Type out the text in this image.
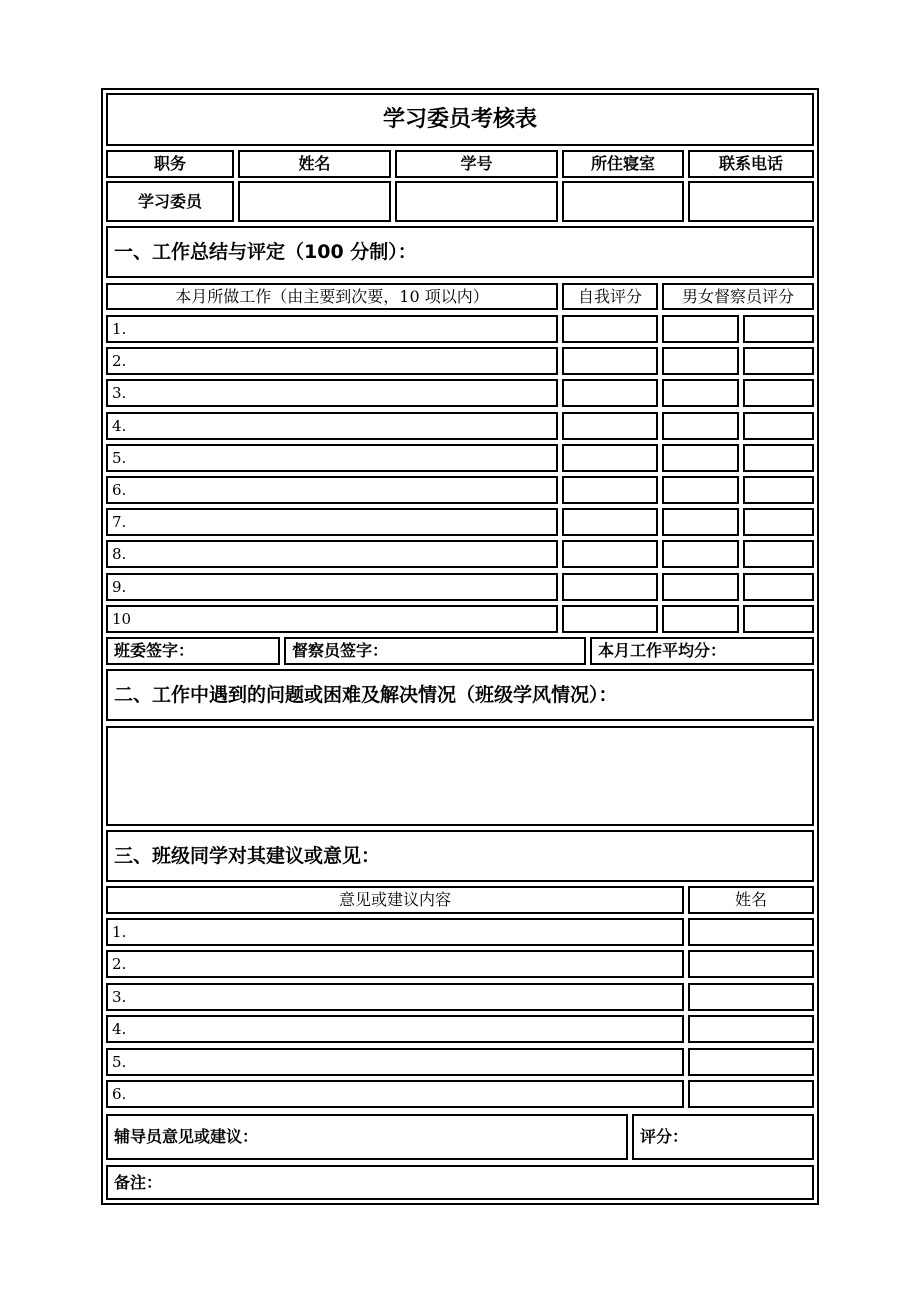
学习委员考核表
职务	姓名	学号	所住寝室	联系电话
学习委员
一、工作总结与评定（100 分制）：
本月所做工作（由主要到次要，10 项以内）	自我评分	男女督察员评分
1.
2.
3.
4.
5.
6.
7.
8.
9.
10
班委签字：	督察员签字：	本月工作平均分：
二、工作中遇到的问题或困难及解决情况（班级学风情况）：
三、班级同学对其建议或意见：
意见或建议内容	姓名
1.
2.
3.
4.
5.
6.
辅导员意见或建议：	评分：
备注：
